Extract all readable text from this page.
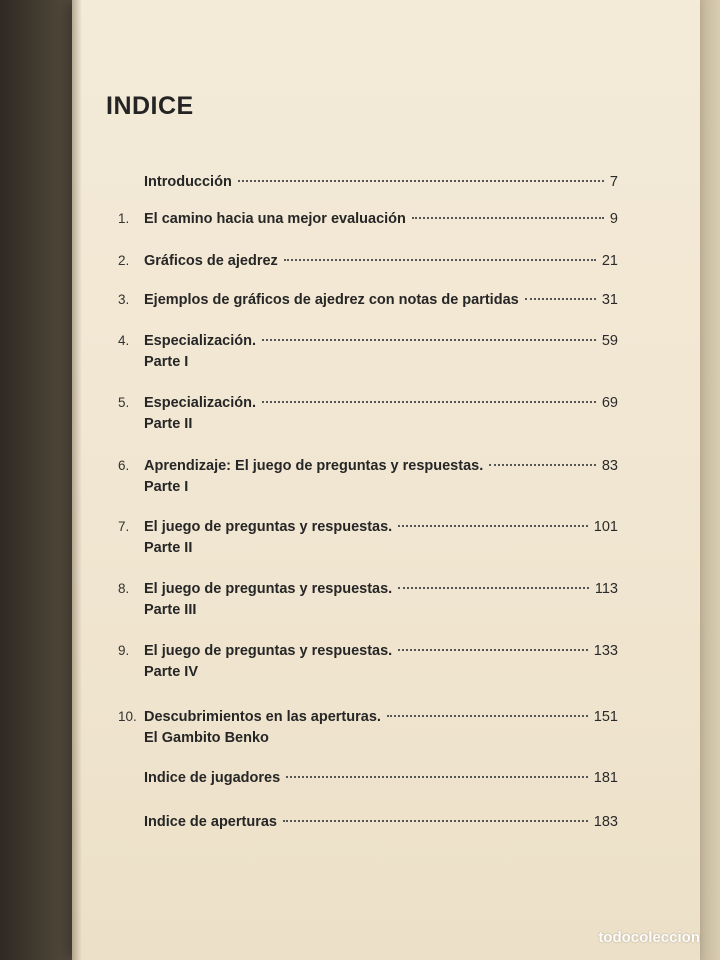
INDICE
Introducción	7
1.	El camino hacia una mejor evaluación	9
2.	Gráficos de ajedrez	21
3.	Ejemplos de gráficos de ajedrez con notas de partidas	31
4.	Especialización.	59
Parte I
5.	Especialización.	69
Parte II
6.	Aprendizaje: El juego de preguntas y respuestas.	83
Parte I
7.	El juego de preguntas y respuestas.	101
Parte II
8.	El juego de preguntas y respuestas.	113
Parte III
9.	El juego de preguntas y respuestas.	133
Parte IV
10. Descubrimientos en las aperturas.	151
El Gambito Benko
Indice de jugadores	181
Indice de aperturas	183
todocoleccion
